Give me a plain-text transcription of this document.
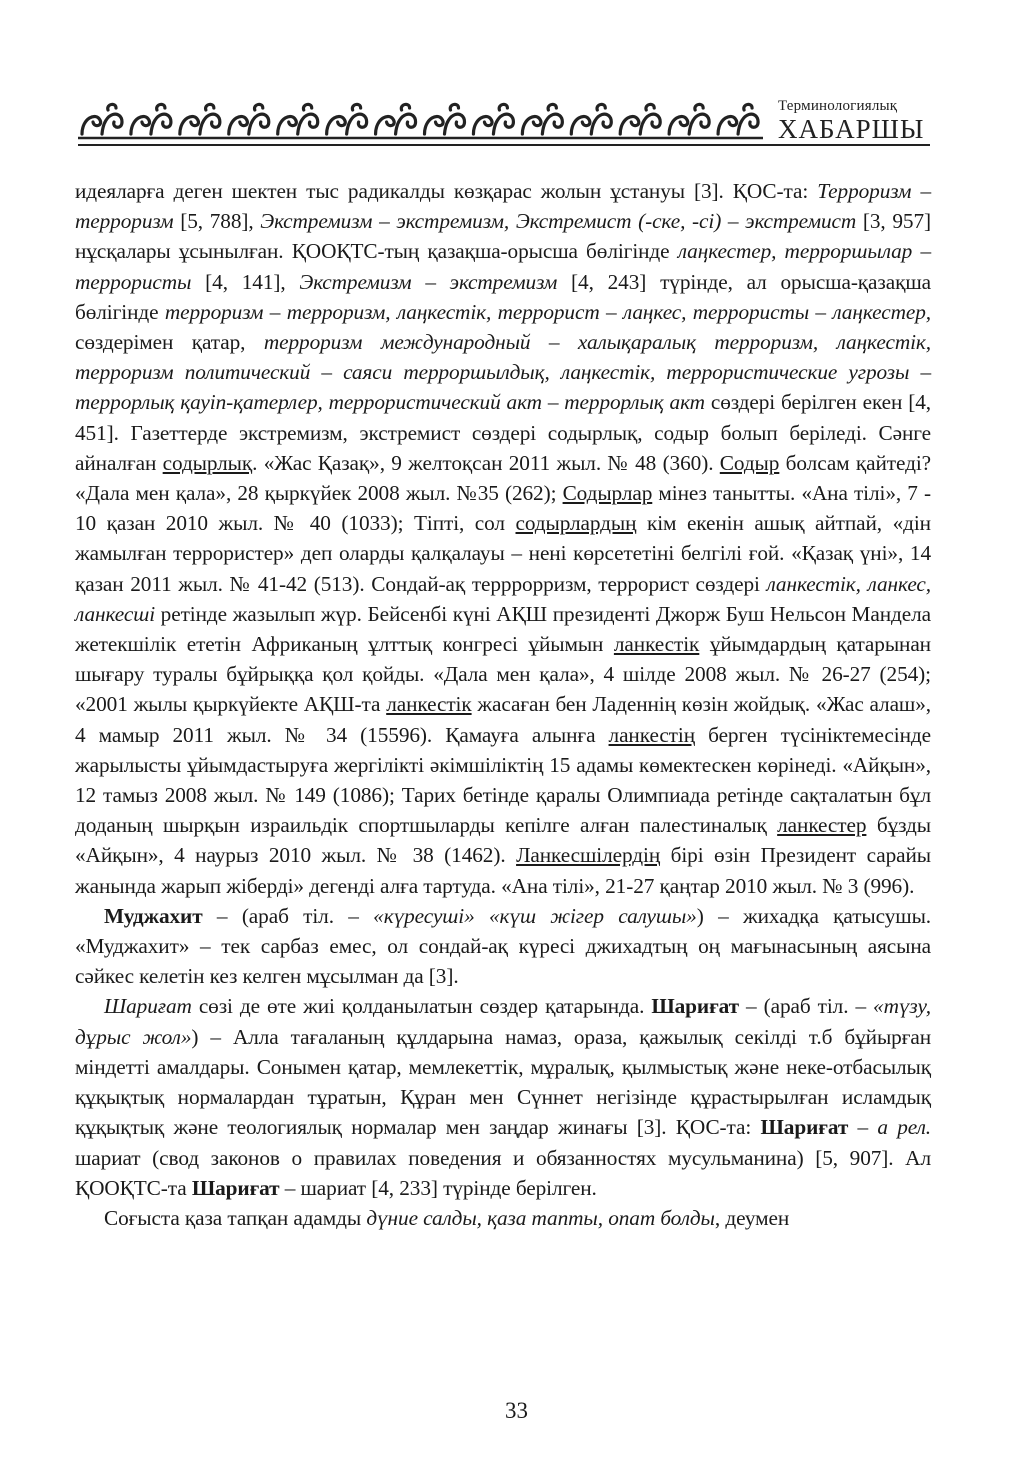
Терминологиялық
ХАБАРШЫ

идеяларға деген шектен тыс радикалды көзқарас жолын ұстануы [3]. ҚОС-та: Терроризм – терроризм [5, 788], Экстремизм – экстремизм, Экстремист (-ске, -сі) – экстремист [3, 957] нұсқалары ұсынылған. ҚООҚТС-тың қазақша-орысша бөлігінде лаңкестер, терроршылар – террористы [4, 141], Экстремизм – экстремизм [4, 243] түрінде, ал орысша-қазақша бөлігінде терроризм – терроризм, лаңкестік, террорист – лаңкес, террористы – лаңкестер, сөздерімен қатар, терроризм международный – халықаралық терроризм, лаңкестік, терроризм политический – саяси терроршылдық, лаңкестік, террористические угрозы – террорлық қауіп-қатерлер, террористический акт – террорлық акт сөздері берілген екен [4, 451]. Газеттерде экстремизм, экстремист сөздері содырлық, содыр болып беріледі. Сәнге айналған содырлық. «Жас Қазақ», 9 желтоқсан 2011 жыл. № 48 (360). Содыр болсам қайтеді? «Дала мен қала», 28 қыркүйек 2008 жыл. №35 (262); Содырлар мінез танытты. «Ана тілі», 7 - 10 қазан 2010 жыл. № 40 (1033); Тіпті, сол содырлардың кім екенін ашық айтпай, «дін жамылған террористер» деп оларды қалқалауы – нені көрсететіні белгілі ғой. «Қазақ үні», 14 қазан 2011 жыл. № 41-42 (513). Сондай-ақ терррорризм, террорист сөздері ланкестік, ланкес, ланкесші ретінде жазылып жүр. Бейсенбі күні АҚШ президенті Джорж Буш Нельсон Мандела жетекшілік ететін Африканың ұлттық конгресі ұйымын ланкестік ұйымдардың қатарынан шығару туралы бұйрыққа қол қойды. «Дала мен қала», 4 шілде 2008 жыл. № 26-27 (254); «2001 жылы қыркүйекте АҚШ-та ланкестік жасаған бен Ладеннің көзін жойдық. «Жас алаш», 4 мамыр 2011 жыл. № 34 (15596). Қамауға алынға ланкестің берген түсініктемесінде жарылысты ұйымдастыруға жергілікті әкімшіліктің 15 адамы көмектескен көрінеді. «Айқын», 12 тамыз 2008 жыл. № 149 (1086); Тарих бетінде қаралы Олимпиада ретінде сақталатын бұл доданың шырқын израильдік спортшыларды кепілге алған палестиналық ланкестер бұзды «Айқын», 4 наурыз 2010 жыл. № 38 (1462). Ланкесшілердің бірі өзін Президент сарайы жанында жарып жіберді» дегенді алға тартуда. «Ана тілі», 21-27 қаңтар 2010 жыл. № 3 (996).

Муджахит – (араб тіл. – «күресуші» «күш жігер салушы») – жихадқа қатысушы. «Муджахит» – тек сарбаз емес, ол сондай-ақ күресі джихадтың оң мағынасының аясына сәйкес келетін кез келген мұсылман да [3].

Шариғат сөзі де өте жиі қолданылатын сөздер қатарында. Шариғат – (араб тіл. – «түзу, дұрыс жол») – Алла тағаланың құлдарына намаз, ораза, қажылық секілді т.б бұйырған міндетті амалдары. Сонымен қатар, мемлекеттік, мұралық, қылмыстық және неке-отбасылық құқықтық нормалардан тұратын, Құран мен Сүннет негізінде құрастырылған исламдық құқықтық және теологиялық нормалар мен заңдар жинағы [3]. ҚОС-та: Шариғат – а рел. шариат (свод законов о правилах поведения и обязанностях мусульманина) [5, 907]. Ал ҚООҚТС-та Шариғат – шариат [4, 233] түрінде берілген.

Соғыста қаза тапқан адамды дүние салды, қаза тапты, опат болды, деумен

33
